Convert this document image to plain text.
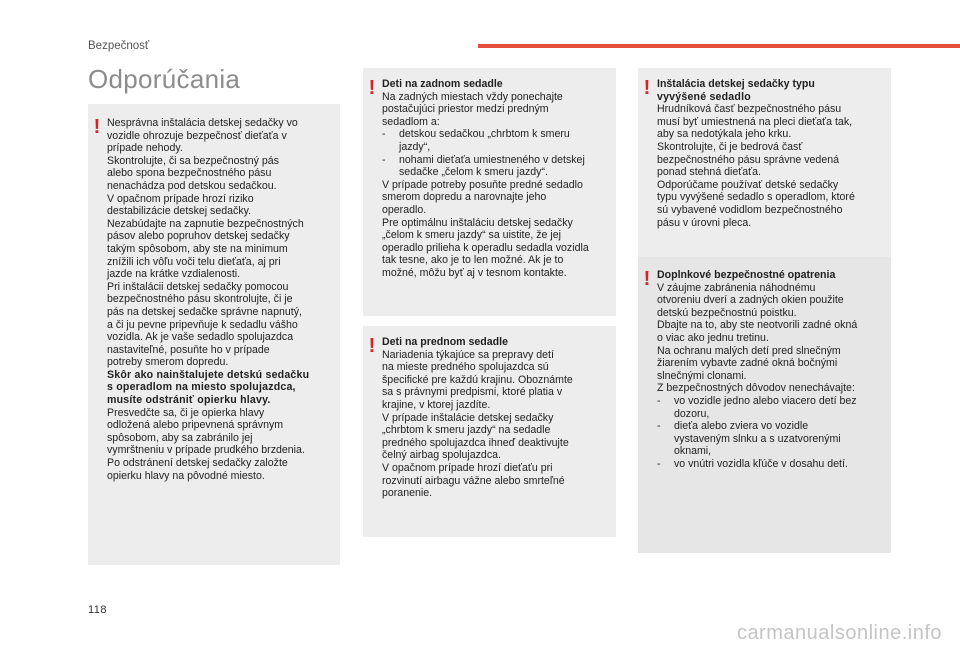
Bezpečnosť
Odporúčania
! Nesprávna inštalácia detskej sedačky vo

vozidle ohrozuje bezpečnosť dieťaťa v

prípade nehody.

Skontrolujte, či sa bezpečnostný pás

alebo spona bezpečnostného pásu

nenachádza pod detskou sedačkou.

V opačnom prípade hrozí riziko

destabilizácie detskej sedačky.

Nezabúdajte na zapnutie bezpečnostných

pásov alebo popruhov detskej sedačky

takým spôsobom, aby ste na minimum

znížili ich vôľu voči telu dieťaťa, aj pri

jazde na krátke vzdialenosti.

Pri inštalácii detskej sedačky pomocou

bezpečnostného pásu skontrolujte, či je

pás na detskej sedačke správne napnutý,

a či ju pevne pripevňuje k sedadlu vášho

vozidla. Ak je vaše sedadlo spolujazdca

nastaviteľné, posuňte ho v prípade

potreby smerom dopredu.

Skôr ako nainštalujete detskú sedačku

s operadlom na miesto spolujazdca,

musíte odstrániť opierku hlavy.

Presvedčte sa, či je opierka hlavy

odložená alebo pripevnená správnym

spôsobom, aby sa zabránilo jej

vymrštneniu v prípade prudkého brzdenia.

Po odstránení detskej sedačky založte

opierku hlavy na pôvodné miesto.

! Deti na zadnom sedadle

Na zadných miestach vždy ponechajte

postačujúci priestor medzi predným

sedadlom a:

-	detskou sedačkou „chrbtom k smeru
jazdy“,
-	nohami dieťaťa umiestneného v detskej
sedačke „čelom k smeru jazdy“.

V prípade potreby posuňte predné sedadlo

smerom dopredu a narovnajte jeho

operadlo.

Pre optimálnu inštaláciu detskej sedačky

„čelom k smeru jazdy“ sa uistite, že jej

operadlo prilieha k operadlu sedadla vozidla

tak tesne, ako je to len možné. Ak je to

možné, môžu byť aj v tesnom kontakte.

! Deti na prednom sedadle

Nariadenia týkajúce sa prepravy detí

na mieste predného spolujazdca sú

špecifické pre každú krajinu. Oboznámte

sa s právnymi predpismi, ktoré platia v

krajine, v ktorej jazdíte.

V prípade inštalácie detskej sedačky

„chrbtom k smeru jazdy“ na sedadle

predného spolujazdca ihneď deaktivujte

čelný airbag spolujazdca.

V opačnom prípade hrozí dieťaťu pri

rozvinutí airbagu vážne alebo smrteľné

poranenie.

! Inštalácia detskej sedačky typu

vyvýšené sedadlo

Hrudníková časť bezpečnostného pásu

musí byť umiestnená na pleci dieťaťa tak,

aby sa nedotýkala jeho krku.

Skontrolujte, či je bedrová časť

bezpečnostného pásu správne vedená

ponad stehná dieťaťa.

Odporúčame používať detské sedačky

typu vyvýšené sedadlo s operadlom, ktoré

sú vybavené vodidlom bezpečnostného

pásu v úrovni pleca.

! Doplnkové bezpečnostné opatrenia

V záujme zabránenia náhodnému

otvoreniu dverí a zadných okien použite

detskú bezpečnostnú poistku.

Dbajte na to, aby ste neotvorili zadné okná

o viac ako jednu tretinu.

Na ochranu malých detí pred slnečným

žiarením vybavte zadné okná bočnými

slnečnými clonami.

Z bezpečnostných dôvodov nenechávajte:

-	vo vozidle jedno alebo viacero detí bez
dozoru,
-	dieťa alebo zviera vo vozidle
vystaveným slnku a s uzatvorenými
oknami,
-	vo vnútri vozidla kľúče v dosahu detí.
118
carmanualsonline.info
